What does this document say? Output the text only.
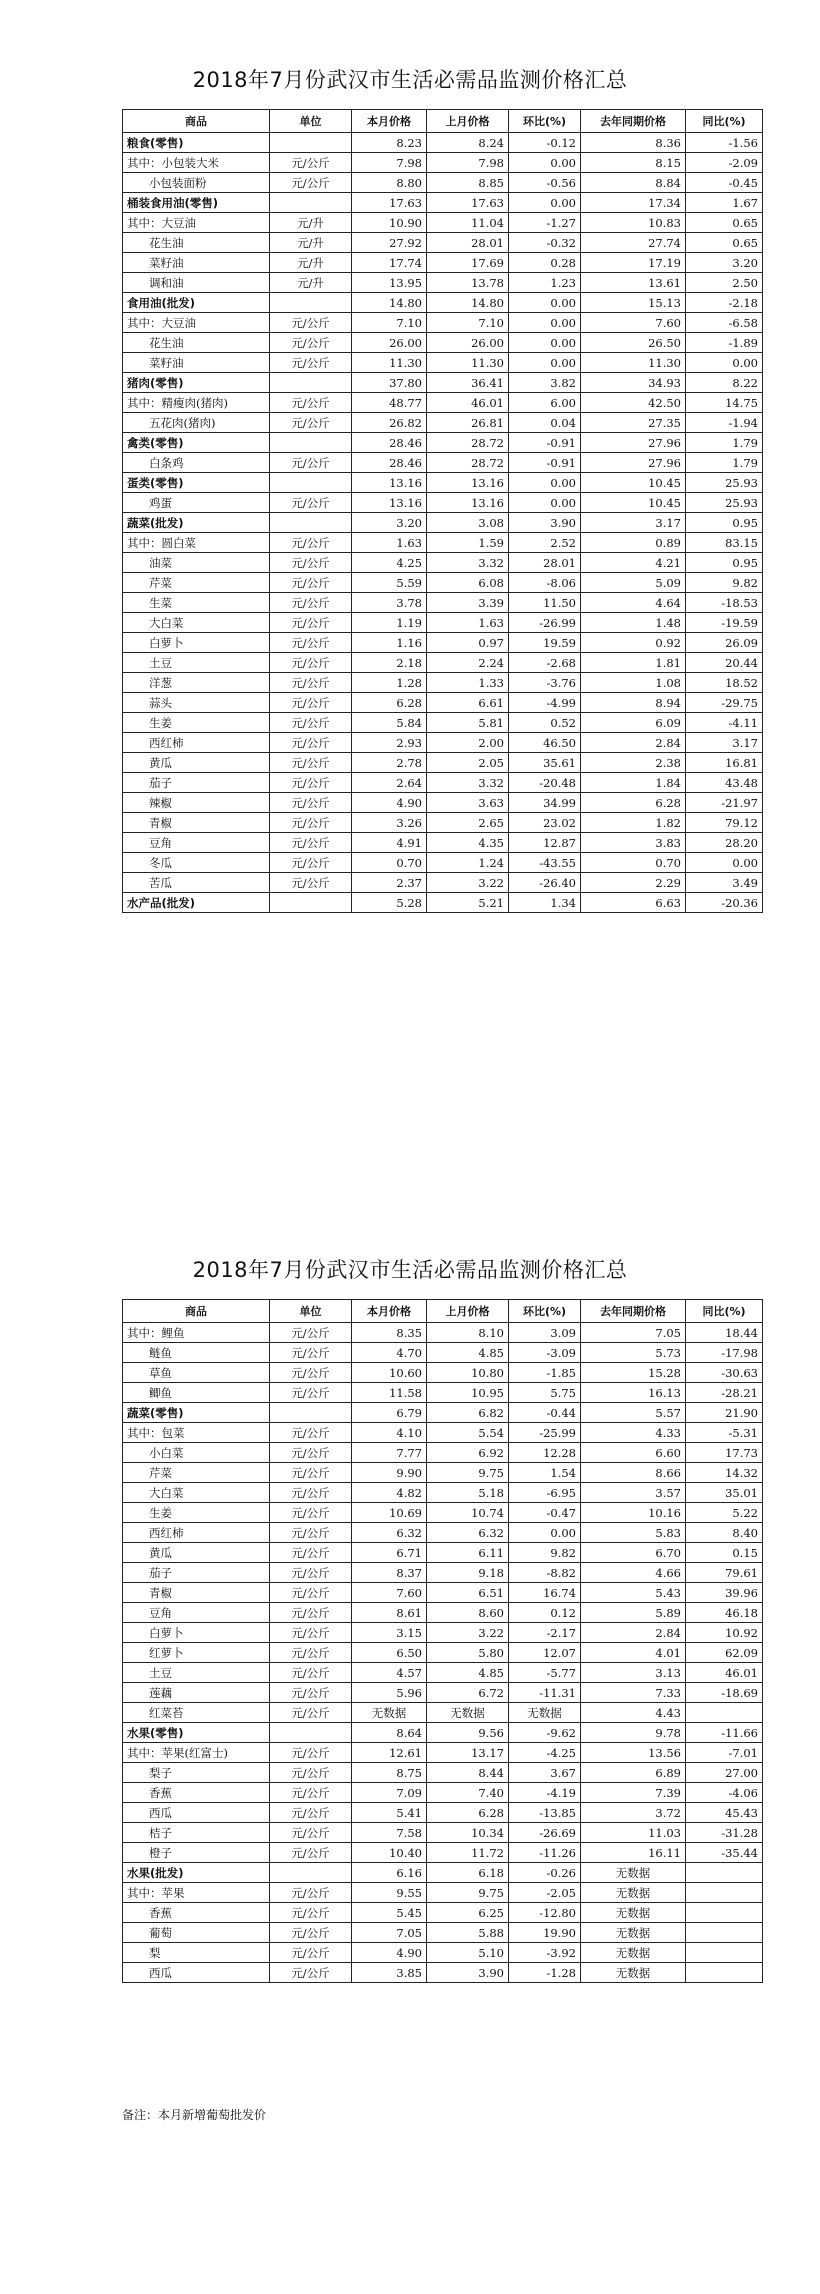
2018年7月份武汉市生活必需品监测价格汇总
商品	单位	本月价格	上月价格	环比(%)	去年同期价格	同比(%)
粮食(零售)		8.23	8.24	-0.12	8.36	-1.56
其中：小包装大米	元/公斤	7.98	7.98	0.00	8.15	-2.09
小包装面粉	元/公斤	8.80	8.85	-0.56	8.84	-0.45
桶装食用油(零售)		17.63	17.63	0.00	17.34	1.67
其中：大豆油	元/升	10.90	11.04	-1.27	10.83	0.65
花生油	元/升	27.92	28.01	-0.32	27.74	0.65
菜籽油	元/升	17.74	17.69	0.28	17.19	3.20
调和油	元/升	13.95	13.78	1.23	13.61	2.50
食用油(批发)		14.80	14.80	0.00	15.13	-2.18
其中：大豆油	元/公斤	7.10	7.10	0.00	7.60	-6.58
花生油	元/公斤	26.00	26.00	0.00	26.50	-1.89
菜籽油	元/公斤	11.30	11.30	0.00	11.30	0.00
猪肉(零售)		37.80	36.41	3.82	34.93	8.22
其中：精瘦肉(猪肉)	元/公斤	48.77	46.01	6.00	42.50	14.75
五花肉(猪肉)	元/公斤	26.82	26.81	0.04	27.35	-1.94
禽类(零售)		28.46	28.72	-0.91	27.96	1.79
白条鸡	元/公斤	28.46	28.72	-0.91	27.96	1.79
蛋类(零售)		13.16	13.16	0.00	10.45	25.93
鸡蛋	元/公斤	13.16	13.16	0.00	10.45	25.93
蔬菜(批发)		3.20	3.08	3.90	3.17	0.95
其中：圆白菜	元/公斤	1.63	1.59	2.52	0.89	83.15
油菜	元/公斤	4.25	3.32	28.01	4.21	0.95
芹菜	元/公斤	5.59	6.08	-8.06	5.09	9.82
生菜	元/公斤	3.78	3.39	11.50	4.64	-18.53
大白菜	元/公斤	1.19	1.63	-26.99	1.48	-19.59
白萝卜	元/公斤	1.16	0.97	19.59	0.92	26.09
土豆	元/公斤	2.18	2.24	-2.68	1.81	20.44
洋葱	元/公斤	1.28	1.33	-3.76	1.08	18.52
蒜头	元/公斤	6.28	6.61	-4.99	8.94	-29.75
生姜	元/公斤	5.84	5.81	0.52	6.09	-4.11
西红柿	元/公斤	2.93	2.00	46.50	2.84	3.17
黄瓜	元/公斤	2.78	2.05	35.61	2.38	16.81
茄子	元/公斤	2.64	3.32	-20.48	1.84	43.48
辣椒	元/公斤	4.90	3.63	34.99	6.28	-21.97
青椒	元/公斤	3.26	2.65	23.02	1.82	79.12
豆角	元/公斤	4.91	4.35	12.87	3.83	28.20
冬瓜	元/公斤	0.70	1.24	-43.55	0.70	0.00
苦瓜	元/公斤	2.37	3.22	-26.40	2.29	3.49
水产品(批发)		5.28	5.21	1.34	6.63	-20.36
2018年7月份武汉市生活必需品监测价格汇总
商品	单位	本月价格	上月价格	环比(%)	去年同期价格	同比(%)
其中：鲤鱼	元/公斤	8.35	8.10	3.09	7.05	18.44
鲢鱼	元/公斤	4.70	4.85	-3.09	5.73	-17.98
草鱼	元/公斤	10.60	10.80	-1.85	15.28	-30.63
鲫鱼	元/公斤	11.58	10.95	5.75	16.13	-28.21
蔬菜(零售)		6.79	6.82	-0.44	5.57	21.90
其中：包菜	元/公斤	4.10	5.54	-25.99	4.33	-5.31
小白菜	元/公斤	7.77	6.92	12.28	6.60	17.73
芹菜	元/公斤	9.90	9.75	1.54	8.66	14.32
大白菜	元/公斤	4.82	5.18	-6.95	3.57	35.01
生姜	元/公斤	10.69	10.74	-0.47	10.16	5.22
西红柿	元/公斤	6.32	6.32	0.00	5.83	8.40
黄瓜	元/公斤	6.71	6.11	9.82	6.70	0.15
茄子	元/公斤	8.37	9.18	-8.82	4.66	79.61
青椒	元/公斤	7.60	6.51	16.74	5.43	39.96
豆角	元/公斤	8.61	8.60	0.12	5.89	46.18
白萝卜	元/公斤	3.15	3.22	-2.17	2.84	10.92
红萝卜	元/公斤	6.50	5.80	12.07	4.01	62.09
土豆	元/公斤	4.57	4.85	-5.77	3.13	46.01
莲藕	元/公斤	5.96	6.72	-11.31	7.33	-18.69
红菜苔	元/公斤	无数据	无数据	无数据	4.43	
水果(零售)		8.64	9.56	-9.62	9.78	-11.66
其中：苹果(红富士)	元/公斤	12.61	13.17	-4.25	13.56	-7.01
梨子	元/公斤	8.75	8.44	3.67	6.89	27.00
香蕉	元/公斤	7.09	7.40	-4.19	7.39	-4.06
西瓜	元/公斤	5.41	6.28	-13.85	3.72	45.43
桔子	元/公斤	7.58	10.34	-26.69	11.03	-31.28
橙子	元/公斤	10.40	11.72	-11.26	16.11	-35.44
水果(批发)		6.16	6.18	-0.26	无数据	
其中：苹果	元/公斤	9.55	9.75	-2.05	无数据	
香蕉	元/公斤	5.45	6.25	-12.80	无数据	
葡萄	元/公斤	7.05	5.88	19.90	无数据	
梨	元/公斤	4.90	5.10	-3.92	无数据	
西瓜	元/公斤	3.85	3.90	-1.28	无数据	
备注：本月新增葡萄批发价
